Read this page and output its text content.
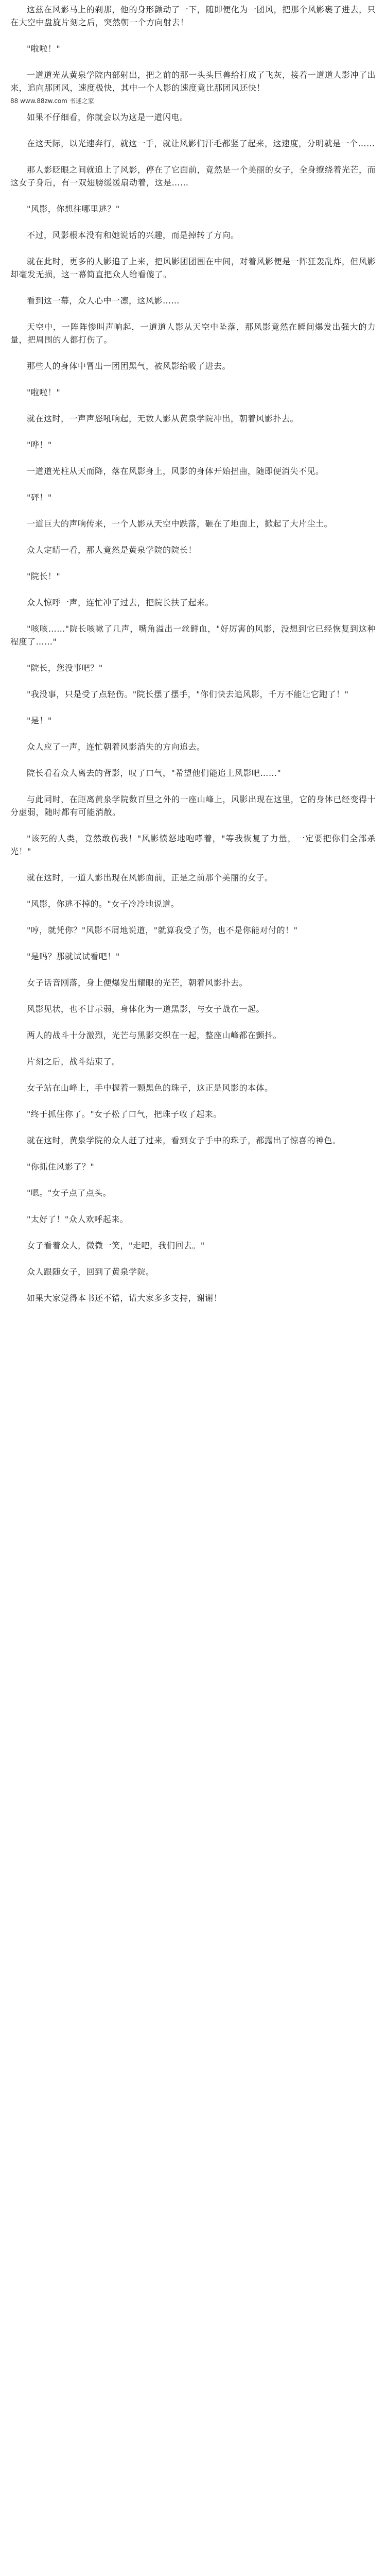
这兹在风影马上的刹那，他的身形颤动了一下，随即便化为一团风，把那个风影裹了进去，只在大空中盘旋片刻之后，突然朝一个方向射去！

"啦啦！"

一道道光从黄泉学院内部射出，把之前的那一头头巨兽给打成了飞灰，接着一道道人影冲了出来，追向那团风，速度极快，其中一个人影的速度竟比那团风还快！

88 www.88zw.com 书迷之家

如果不仔细看，你就会以为这是一道闪电。

在这天际，以光速奔行，就这一手，就让风影们汗毛都竖了起来，这速度，分明就是一个……

那人影眨眼之间就追上了风影，停在了它面前，竟然是一个美丽的女子，全身缭绕着光芒，而这女子身后，有一双翅膀缓缓扇动着，这是……

"风影，你想往哪里逃？"

不过，风影根本没有和她说话的兴趣，而是掉转了方向。

就在此时，更多的人影追了上来，把风影团团围在中间，对着风影便是一阵狂轰乱炸，但风影却毫发无损，这一幕简直把众人给看傻了。

看到这一幕，众人心中一凛，这风影……

天空中，一阵阵惨叫声响起，一道道人影从天空中坠落，那风影竟然在瞬间爆发出强大的力量，把周围的人都打伤了。

那些人的身体中冒出一团团黑气，被风影给吸了进去。

"啦啦！"

就在这时，一声声怒吼响起，无数人影从黄泉学院冲出，朝着风影扑去。

"哗！"

一道道光柱从天而降，落在风影身上，风影的身体开始扭曲，随即便消失不见。

"砰！"

一道巨大的声响传来，一个人影从天空中跌落，砸在了地面上，掀起了大片尘土。

众人定睛一看，那人竟然是黄泉学院的院长！

"院长！"

众人惊呼一声，连忙冲了过去，把院长扶了起来。

"咳咳……"院长咳嗽了几声，嘴角溢出一丝鲜血，"好厉害的风影，没想到它已经恢复到这种程度了……"

"院长，您没事吧？"

"我没事，只是受了点轻伤。"院长摆了摆手，"你们快去追风影，千万不能让它跑了！"

"是！"

众人应了一声，连忙朝着风影消失的方向追去。

院长看着众人离去的背影，叹了口气，"希望他们能追上风影吧……"

与此同时，在距离黄泉学院数百里之外的一座山峰上，风影出现在这里，它的身体已经变得十分虚弱，随时都有可能消散。

"该死的人类，竟然敢伤我！"风影愤怒地咆哮着，"等我恢复了力量，一定要把你们全部杀光！"

就在这时，一道人影出现在风影面前，正是之前那个美丽的女子。

"风影，你逃不掉的。"女子冷冷地说道。

"哼，就凭你？"风影不屑地说道，"就算我受了伤，也不是你能对付的！"

"是吗？那就试试看吧！"

女子话音刚落，身上便爆发出耀眼的光芒，朝着风影扑去。

风影见状，也不甘示弱，身体化为一道黑影，与女子战在一起。

两人的战斗十分激烈，光芒与黑影交织在一起，整座山峰都在颤抖。

片刻之后，战斗结束了。

女子站在山峰上，手中握着一颗黑色的珠子，这正是风影的本体。

"终于抓住你了。"女子松了口气，把珠子收了起来。

就在这时，黄泉学院的众人赶了过来，看到女子手中的珠子，都露出了惊喜的神色。

"你抓住风影了？"

"嗯。"女子点了点头。

"太好了！"众人欢呼起来。

女子看着众人，微微一笑，"走吧，我们回去。"

众人跟随女子，回到了黄泉学院。

如果大家觉得本书还不错，请大家多多支持，谢谢！
